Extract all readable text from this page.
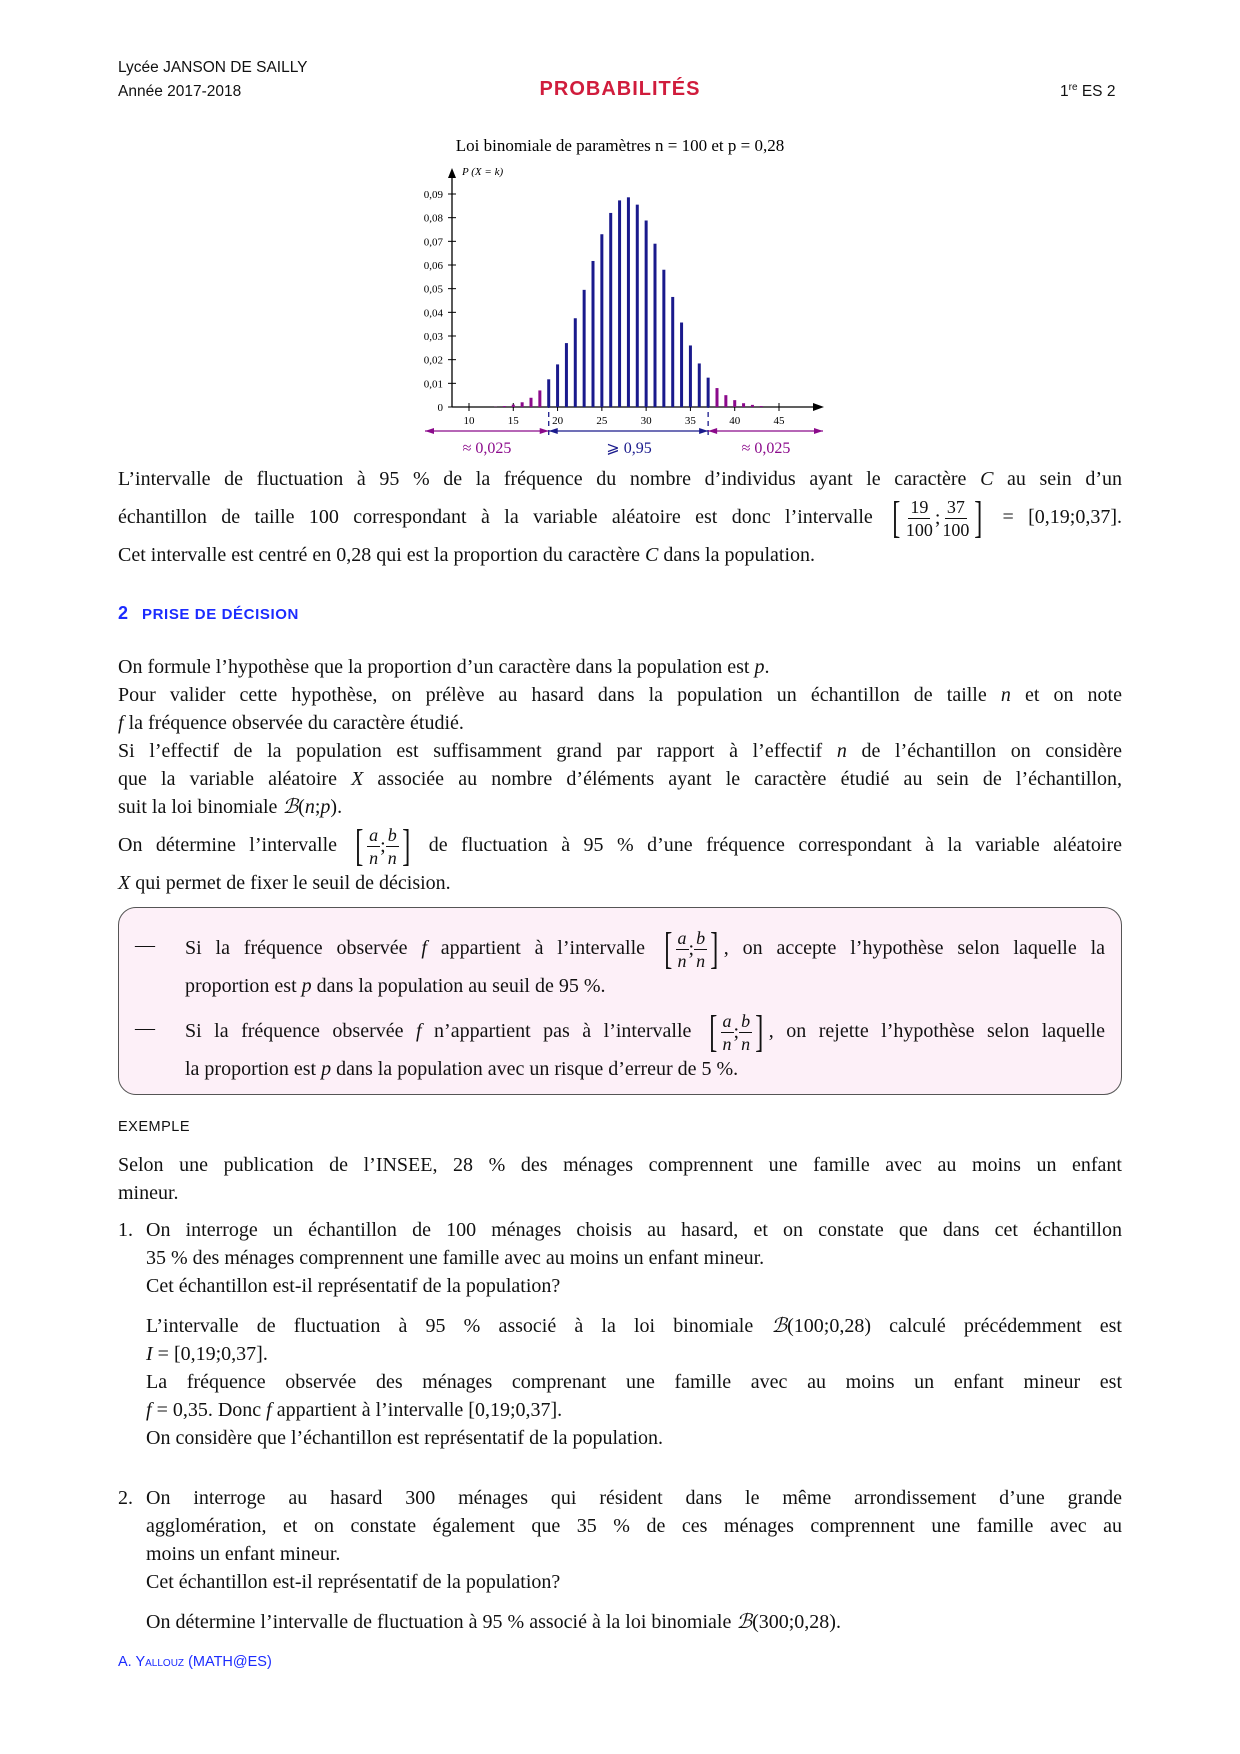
Lycée JANSON DE SAILLY
Année 2017-2018	PROBABILITÉS	1re ES 2
Loi binomiale de paramètres n = 100 et p = 0,28
P (X = k)
0
0,01
0,02
0,03
0,04
0,05
0,06
0,07
0,08
0,09
10	15	20	25	30	35	40	45
≈ 0,025	⩾ 0,95	≈ 0,025
L’intervalle de fluctuation à 95 % de la fréquence du nombre d’individus ayant le caractère C au sein d’un
échantillon de taille 100 correspondant à la variable aléatoire est donc l’intervalle [ $\frac{19}{100}$ ; $\frac{37}{100}$ ] = [0,19;0,37].
Cet intervalle est centré en 0,28 qui est la proportion du caractère C dans la population.
2 PRISE DE DÉCISION
On formule l’hypothèse que la proportion d’un caractère dans la population est p.
Pour valider cette hypothèse, on prélève au hasard dans la population un échantillon de taille n et on note
f la fréquence observée du caractère étudié.
Si l’effectif de la population est suffisamment grand par rapport à l’effectif n de l’échantillon on considère
que la variable aléatoire X associée au nombre d’éléments ayant le caractère étudié au sein de l’échantillon,
suit la loi binomiale ℬ(n;p).
On détermine l’intervalle [ $\frac{a}{n}$ ; $\frac{b}{n}$ ] de fluctuation à 95 % d’une fréquence correspondant à la variable aléatoire
X qui permet de fixer le seuil de décision.
— Si la fréquence observée f appartient à l’intervalle [ $\frac{a}{n}$ ; $\frac{b}{n}$ ] , on accepte l’hypothèse selon laquelle la
proportion est p dans la population au seuil de 95 %.
— Si la fréquence observée f n’appartient pas à l’intervalle [ $\frac{a}{n}$ ; $\frac{b}{n}$ ] , on rejette l’hypothèse selon laquelle
la proportion est p dans la population avec un risque d’erreur de 5 %.
EXEMPLE
Selon une publication de l’INSEE, 28 % des ménages comprennent une famille avec au moins un enfant
mineur.
1. On interroge un échantillon de 100 ménages choisis au hasard, et on constate que dans cet échantillon
35 % des ménages comprennent une famille avec au moins un enfant mineur.
Cet échantillon est-il représentatif de la population?
L’intervalle de fluctuation à 95 % associé à la loi binomiale ℬ(100;0,28) calculé précédemment est
I = [0,19;0,37].
La fréquence observée des ménages comprenant une famille avec au moins un enfant mineur est
f = 0,35. Donc f appartient à l’intervalle [0,19;0,37].
On considère que l’échantillon est représentatif de la population.
2. On interroge au hasard 300 ménages qui résident dans le même arrondissement d’une grande
agglomération, et on constate également que 35 % de ces ménages comprennent une famille avec au
moins un enfant mineur.
Cet échantillon est-il représentatif de la population?
On détermine l’intervalle de fluctuation à 95 % associé à la loi binomiale ℬ(300;0,28).
A. Yallouz (MATH@ES)
